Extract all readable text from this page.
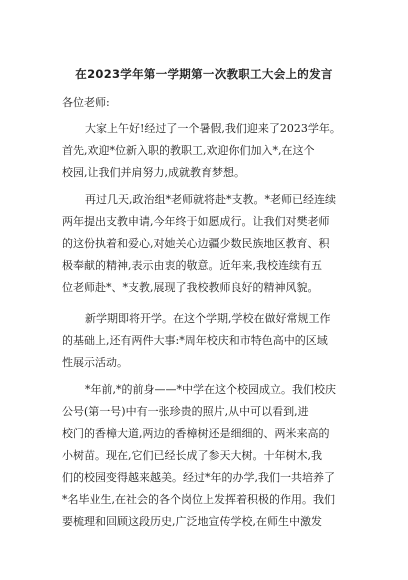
在2023学年第一学期第一次教职工大会上的发言
各位老师:
大家上午好!经过了一个暑假,我们迎来了2023学年。
首先,欢迎*位新入职的教职工,欢迎你们加入*,在这个
校园,让我们并肩努力,成就教育梦想。
再过几天,政治组*老师就将赴*支教。*老师已经连续
两年提出支教申请,今年终于如愿成行。让我们对樊老师
的这份执着和爱心,对她关心边疆少数民族地区教育、积
极奉献的精神,表示由衷的敬意。近年来,我校连续有五
位老师赴*、*支教,展现了我校教师良好的精神风貌。
新学期即将开学。在这个学期,学校在做好常规工作
的基础上,还有两件大事:*周年校庆和市特色高中的区域
性展示活动。
*年前,*的前身——*中学在这个校园成立。我们校庆
公号(第一号)中有一张珍贵的照片,从中可以看到,进
校门的香樟大道,两边的香樟树还是细细的、两米来高的
小树苗。现在,它们已经长成了参天大树。十年树木,我
们的校园变得越来越美。经过*年的办学,我们一共培养了
*名毕业生,在社会的各个岗位上发挥着积极的作用。我们
要梳理和回顾这段历史,广泛地宣传学校,在师生中激发
